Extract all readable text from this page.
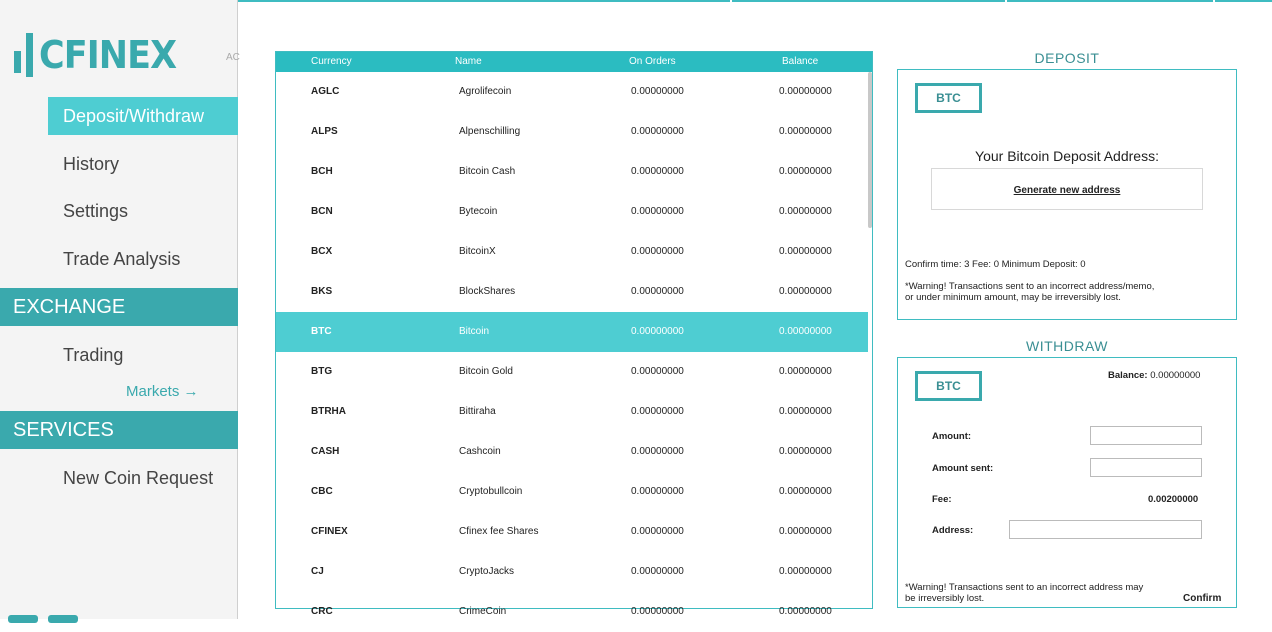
CFINEX	AC
Deposit/Withdraw
History
Settings
Trade Analysis
EXCHANGE
Trading
Markets →
SERVICES
New Coin Request
Currency	Name	On Orders	Balance
AGLC	Agrolifecoin	0.00000000	0.00000000
ALPS	Alpenschilling	0.00000000	0.00000000
BCH	Bitcoin Cash	0.00000000	0.00000000
BCN	Bytecoin	0.00000000	0.00000000
BCX	BitcoinX	0.00000000	0.00000000
BKS	BlockShares	0.00000000	0.00000000
BTC	Bitcoin	0.00000000	0.00000000
BTG	Bitcoin Gold	0.00000000	0.00000000
BTRHA	Bittiraha	0.00000000	0.00000000
CASH	Cashcoin	0.00000000	0.00000000
CBC	Cryptobullcoin	0.00000000	0.00000000
CFINEX	Cfinex fee Shares	0.00000000	0.00000000
CJ	CryptoJacks	0.00000000	0.00000000
CRC	CrimeCoin	0.00000000	0.00000000
DEPOSIT
BTC
Your Bitcoin Deposit Address:
Generate new address
Confirm time: 3 Fee: 0 Minimum Deposit: 0
*Warning! Transactions sent to an incorrect address/memo, or under minimum amount, may be irreversibly lost.
WITHDRAW
BTC
Balance: 0.00000000
Amount:
Amount sent:
Fee:	0.00200000
Address:
*Warning! Transactions sent to an incorrect address may be irreversibly lost.	Confirm
